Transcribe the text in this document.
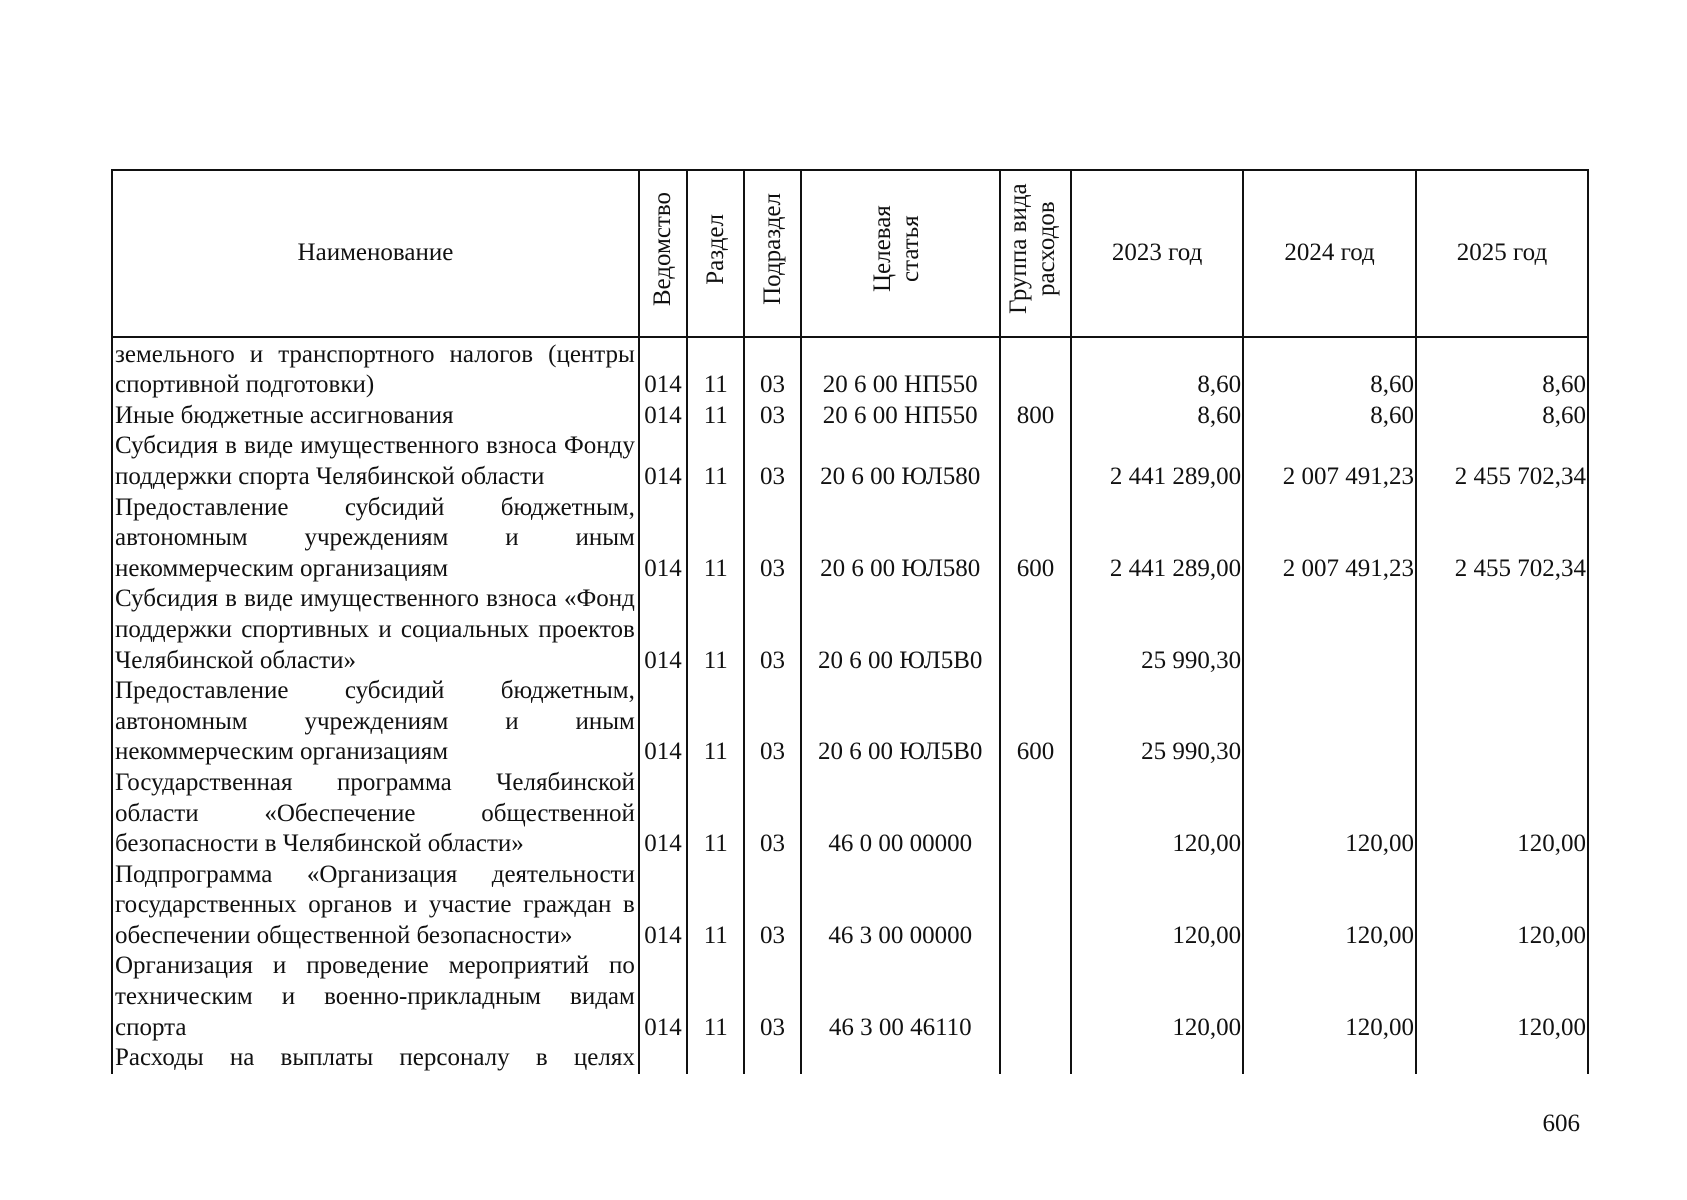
Наименование	Ведомство	Раздел	Подраздел	Целевая статья	Группа вида расходов	2023 год	2024 год	2025 год
земельного и транспортного налогов (центры спортивной подготовки)	014	11	03	20 6 00 НП550		8,60	8,60	8,60
Иные бюджетные ассигнования	014	11	03	20 6 00 НП550	800	8,60	8,60	8,60
Субсидия в виде имущественного взноса Фонду поддержки спорта Челябинской области	014	11	03	20 6 00 ЮЛ580		2 441 289,00	2 007 491,23	2 455 702,34
Предоставление субсидий бюджетным, автономным учреждениям и иным некоммерческим организациям	014	11	03	20 6 00 ЮЛ580	600	2 441 289,00	2 007 491,23	2 455 702,34
Субсидия в виде имущественного взноса «Фонд поддержки спортивных и социальных проектов Челябинской области»	014	11	03	20 6 00 ЮЛ5В0		25 990,30		
Предоставление субсидий бюджетным, автономным учреждениям и иным некоммерческим организациям	014	11	03	20 6 00 ЮЛ5В0	600	25 990,30		
Государственная программа Челябинской области «Обеспечение общественной безопасности в Челябинской области»	014	11	03	46 0 00 00000		120,00	120,00	120,00
Подпрограмма «Организация деятельности государственных органов и участие граждан в обеспечении общественной безопасности»	014	11	03	46 3 00 00000		120,00	120,00	120,00
Организация и проведение мероприятий по техническим и военно-прикладным видам спорта	014	11	03	46 3 00 46110		120,00	120,00	120,00
Расходы на выплаты персоналу в целях								
606
